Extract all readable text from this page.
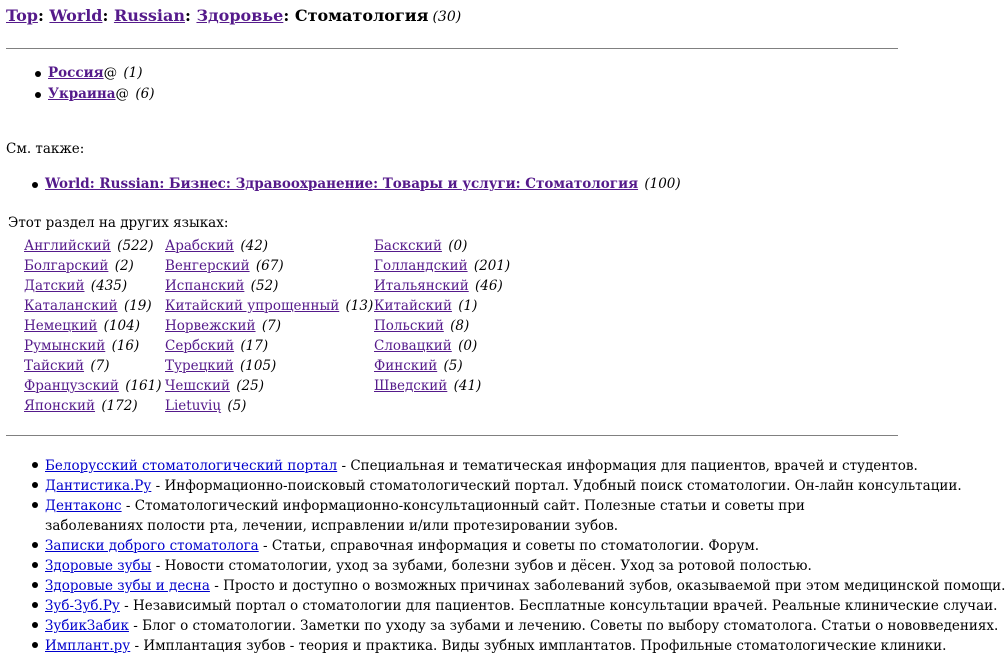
Top: World: Russian: Здоровье: Стоматология (30)
Россия@ (1)
Украина@ (6)
См. также:
World: Russian: Бизнес: Здравоохранение: Товары и услуги: Стоматология (100)
Этот раздел на других языках:
Английский (522)
Болгарский (2)
Датский (435)
Каталанский (19)
Немецкий (104)
Румынский (16)
Тайский (7)
Французский (161)
Японский (172)
Арабский (42)
Венгерский (67)
Испанский (52)
Китайский упрощенный (13)
Норвежский (7)
Сербский (17)
Турецкий (105)
Чешский (25)
Lietuvių (5)
Баскский (0)
Голландский (201)
Итальянский (46)
Китайский (1)
Польский (8)
Словацкий (0)
Финский (5)
Шведский (41)
Белорусский стоматологический портал - Специальная и тематическая информация для пациентов, врачей и студентов.
Дантистика.Ру - Информационно-поисковый стоматологический портал. Удобный поиск стоматологии. Он-лайн консультации.
Дентаконс - Стоматологический информационно-консультационный сайт. Полезные статьи и советы при заболеваниях полости рта, лечении, исправлении и/или протезировании зубов.
Записки доброго стоматолога - Статьи, справочная информация и советы по стоматологии. Форум.
Здоровые зубы - Новости стоматологии, уход за зубами, болезни зубов и дёсен. Уход за ротовой полостью.
Здоровые зубы и десна - Просто и доступно о возможных причинах заболеваний зубов, оказываемой при этом медицинской помощи.
Зуб-Зуб.Ру - Независимый портал о стоматологии для пациентов. Бесплатные консультации врачей. Реальные клинические случаи.
ЗубикЗабик - Блог о стоматологии. Заметки по уходу за зубами и лечению. Советы по выбору стоматолога. Статьи о нововведениях.
Имплант.ру - Имплантация зубов - теория и практика. Виды зубных имплантатов. Профильные стоматологические клиники.
